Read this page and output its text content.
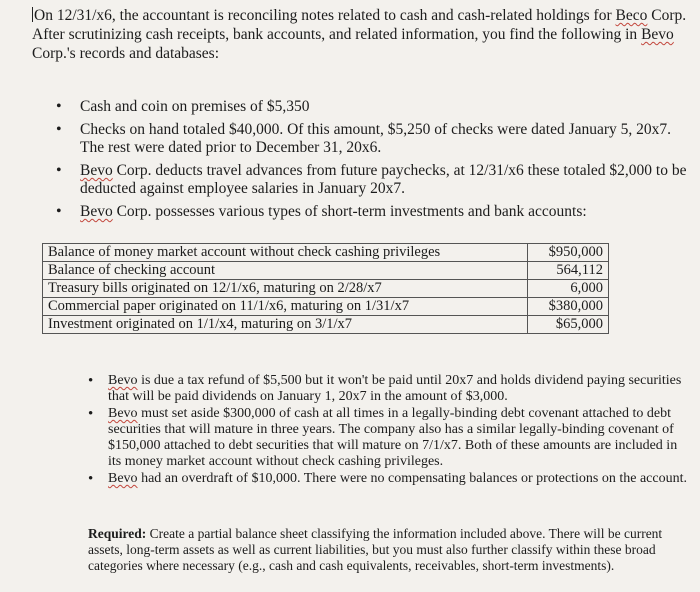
On 12/31/x6, the accountant is reconciling notes related to cash and cash-related holdings for Beco Corp. After scrutinizing cash receipts, bank accounts, and related information, you find the following in Bevo Corp.'s records and databases:

• Cash and coin on premises of $5,350
• Checks on hand totaled $40,000. Of this amount, $5,250 of checks were dated January 5, 20x7. The rest were dated prior to December 31, 20x6.
• Bevo Corp. deducts travel advances from future paychecks, at 12/31/x6 these totaled $2,000 to be deducted against employee salaries in January 20x7.
• Bevo Corp. possesses various types of short-term investments and bank accounts:
Balance of money market account without check cashing privileges	$950,000
Balance of checking account	564,112
Treasury bills originated on 12/1/x6, maturing on 2/28/x7	6,000
Commercial paper originated on 11/1/x6, maturing on 1/31/x7	$380,000
Investment originated on 1/1/x4, maturing on 3/1/x7	$65,000
• Bevo is due a tax refund of $5,500 but it won't be paid until 20x7 and holds dividend paying securities that will be paid dividends on January 1, 20x7 in the amount of $3,000.
• Bevo must set aside $300,000 of cash at all times in a legally-binding debt covenant attached to debt securities that will mature in three years. The company also has a similar legally-binding covenant of $150,000 attached to debt securities that will mature on 7/1/x7. Both of these amounts are included in its money market account without check cashing privileges.
• Bevo had an overdraft of $10,000. There were no compensating balances or protections on the account.

Required: Create a partial balance sheet classifying the information included above. There will be current assets, long-term assets as well as current liabilities, but you must also further classify within these broad categories where necessary (e.g., cash and cash equivalents, receivables, short-term investments).
